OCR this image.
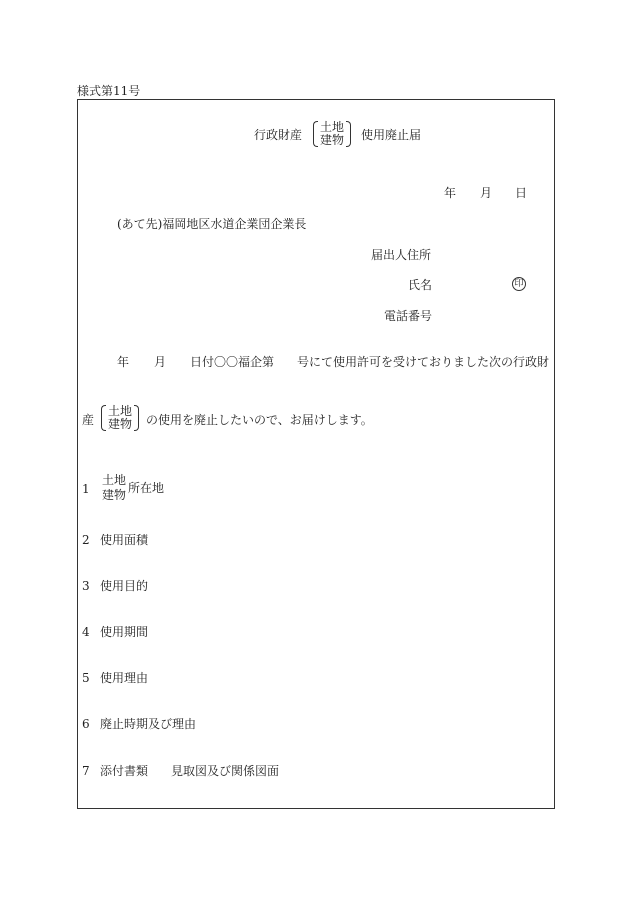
様式第11号
行政財産
土地
建物 使用廃止届
年 月 日
(あて先)福岡地区水道企業団企業長
届出人住所
氏名	印
電話番号
年 月 日付〇〇福企第 号にて使用許可を受けておりました次の行政財
産
土地
建物 の使用を廃止したいので、お届けします。
1
土地
建物 所在地
2 使用面積
3 使用目的
4 使用期間
5 使用理由
6 廃止時期及び理由
7 添付書類 見取図及び関係図面
